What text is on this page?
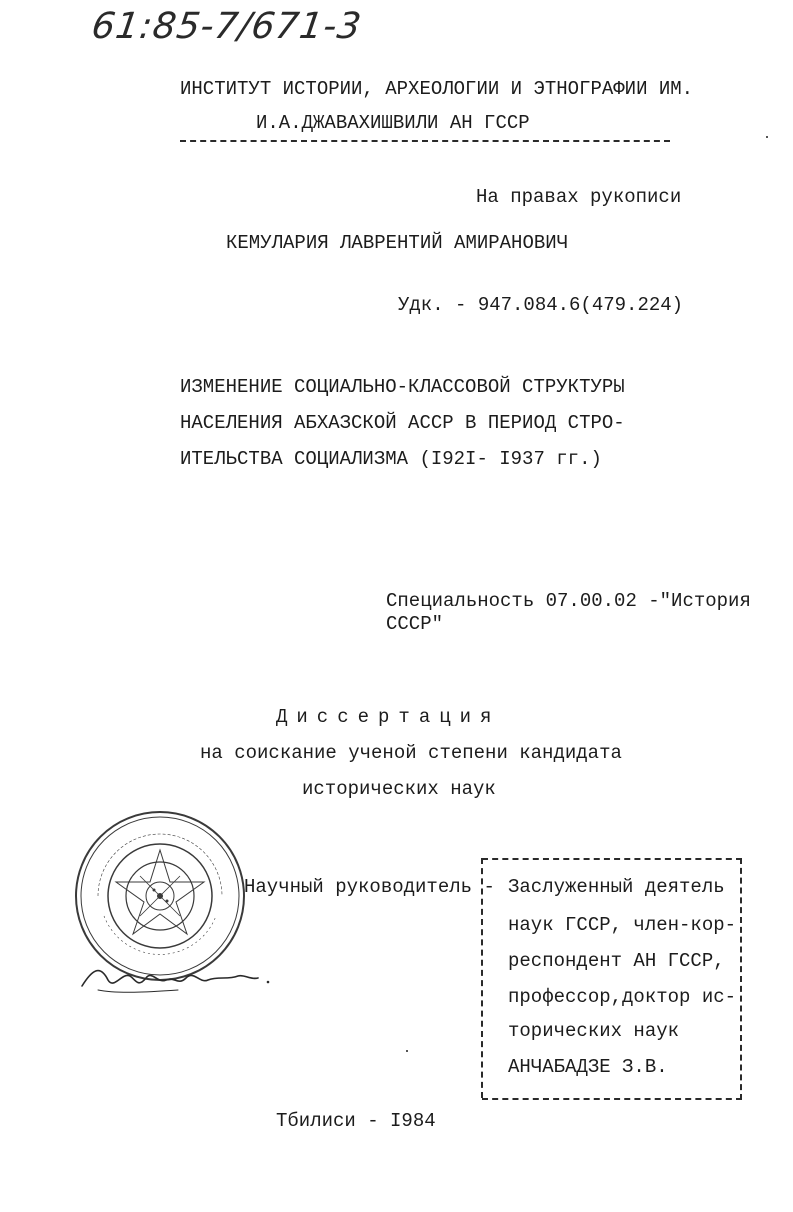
61:85-7/671-3
ИНСТИТУТ ИСТОРИИ, АРХЕОЛОГИИ И ЭТНОГРАФИИ ИМ.
И.А.ДЖАВАХИШВИЛИ АН ГССР
На правах рукописи
КЕМУЛАРИЯ ЛАВРЕНТИЙ АМИРАНОВИЧ
Удк. - 947.084.6(479.224)
ИЗМЕНЕНИЕ СОЦИАЛЬНО-КЛАССОВОЙ СТРУКТУРЫ
НАСЕЛЕНИЯ АБХАЗСКОЙ АССР В ПЕРИОД СТРО-
ИТЕЛЬСТВА СОЦИАЛИЗМА (I92I- I937 гг.)
Специальность 07.00.02 -"История
СССР"
Диссертация
на соискание ученой степени кандидата
исторических наук
Научный руководитель - Заслуженный деятель
наук ГССР, член-кор-
респондент АН ГССР,
профессор,доктор ис-
торических наук
АНЧАБАДЗЕ З.В.
Тбилиси - I984
